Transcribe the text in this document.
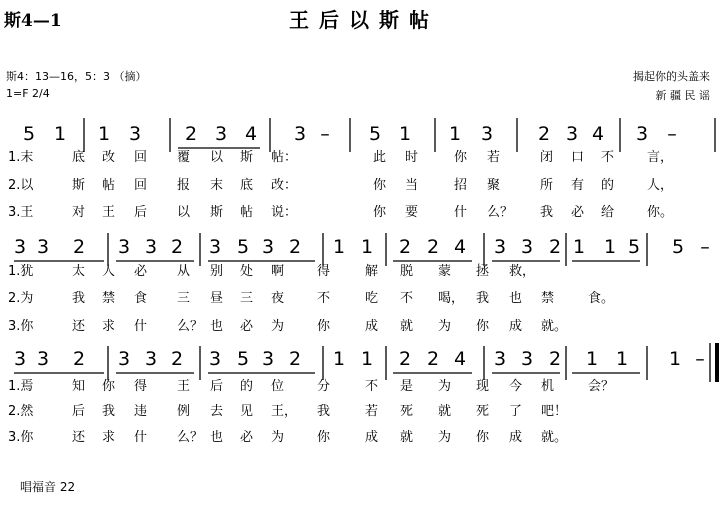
斯4—1	王后以斯帖
斯4：13—16，5：3 （摘）
1=F 2/4
揭起你的头盖来
新 疆 民 谣
5 1 1 3 2 3 4 3 – 5 1 1 3 2 3 4 3 –
1.末	底 改 回 覆 以 斯 帖：	此 时	你 若	闭 口 不	言，
2.以	斯 帖 回 报 末 底 改：	你 当	招 聚	所 有 的	人，
3.王	对 王 后 以 斯 帖 说：	你 要	什 么？ 我 必 给	你。
3 3 2 3 3 2 3 5 3 2 1 1 2 2 4 3 3 2 1 1 5 5 –
1.犹	太 人 必 从 别 处 啊	得	解 脱 蒙 拯 救，
2.为	我 禁 食 三 昼 三 夜	不	吃 不 喝， 我 也 禁	食。
3.你	还 求 什 么？ 也 必 为	你	成 就 为 你 成 就。
3 3 2 3 3 2 3 5 3 2 1 1 2 2 4 3 3 2 1 1 1 –
1.焉	知 你 得 王 后 的 位	分	不 是 为 现 今 机	会？
2.然	后 我 违 例 去 见 王， 我	若 死 就 死 了 吧！
3.你	还 求 什 么？ 也 必 为	你	成 就 为 你 成 就。
唱福音 22
